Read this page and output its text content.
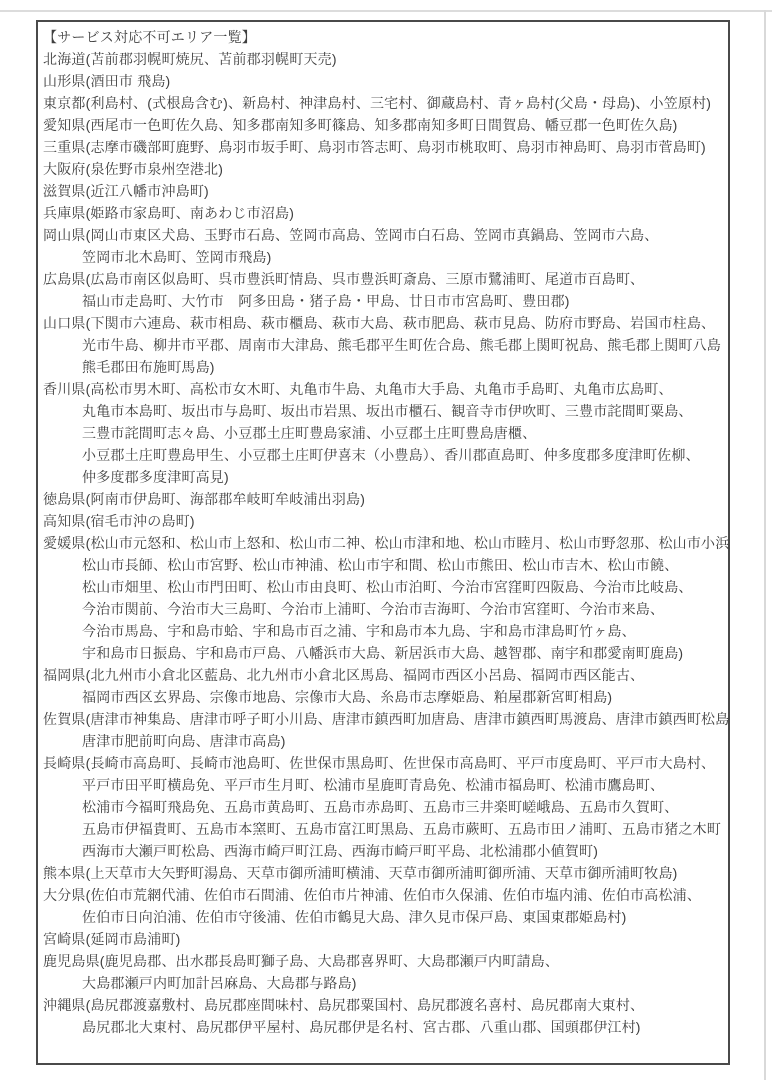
【サービス対応不可エリア一覧】
北海道(苫前郡羽幌町焼尻、苫前郡羽幌町天売)
山形県(酒田市 飛島)
東京都(利島村、(式根島含む)、新島村、神津島村、三宅村、御蔵島村、青ヶ島村(父島・母島)、小笠原村)
愛知県(西尾市一色町佐久島、知多郡南知多町篠島、知多郡南知多町日間賀島、幡豆郡一色町佐久島)
三重県(志摩市磯部町鹿野、鳥羽市坂手町、鳥羽市答志町、鳥羽市桃取町、鳥羽市神島町、鳥羽市菅島町)
大阪府(泉佐野市泉州空港北)
滋賀県(近江八幡市沖島町)
兵庫県(姫路市家島町、南あわじ市沼島)
岡山県(岡山市東区犬島、玉野市石島、笠岡市高島、笠岡市白石島、笠岡市真鍋島、笠岡市六島、
笠岡市北木島町、笠岡市飛島)
広島県(広島市南区似島町、呉市豊浜町情島、呉市豊浜町斎島、三原市鷺浦町、尾道市百島町、
福山市走島町、大竹市　阿多田島・猪子島・甲島、廿日市市宮島町、豊田郡)
山口県(下関市六連島、萩市相島、萩市櫃島、萩市大島、萩市肥島、萩市見島、防府市野島、岩国市柱島、
光市牛島、柳井市平郡、周南市大津島、熊毛郡平生町佐合島、熊毛郡上関町祝島、熊毛郡上関町八島
熊毛郡田布施町馬島)
香川県(高松市男木町、高松市女木町、丸亀市牛島、丸亀市大手島、丸亀市手島町、丸亀市広島町、
丸亀市本島町、坂出市与島町、坂出市岩黒、坂出市櫃石、観音寺市伊吹町、三豊市詫間町粟島、
三豊市詫間町志々島、小豆郡土庄町豊島家浦、小豆郡土庄町豊島唐櫃、
小豆郡土庄町豊島甲生、小豆郡土庄町伊喜末（小豊島）、香川郡直島町、仲多度郡多度津町佐柳、
仲多度郡多度津町高見)
徳島県(阿南市伊島町、海部郡牟岐町牟岐浦出羽島)
高知県(宿毛市沖の島町)
愛媛県(松山市元怒和、松山市上怒和、松山市二神、松山市津和地、松山市睦月、松山市野忽那、松山市小浜
松山市長師、松山市宮野、松山市神浦、松山市宇和間、松山市熊田、松山市吉木、松山市饒、
松山市畑里、松山市門田町、松山市由良町、松山市泊町、今治市宮窪町四阪島、今治市比岐島、
今治市関前、今治市大三島町、今治市上浦町、今治市吉海町、今治市宮窪町、今治市来島、
今治市馬島、宇和島市蛤、宇和島市百之浦、宇和島市本九島、宇和島市津島町竹ヶ島、
宇和島市日振島、宇和島市戸島、八幡浜市大島、新居浜市大島、越智郡、南宇和郡愛南町鹿島)
福岡県(北九州市小倉北区藍島、北九州市小倉北区馬島、福岡市西区小呂島、福岡市西区能古、
福岡市西区玄界島、宗像市地島、宗像市大島、糸島市志摩姫島、粕屋郡新宮町相島)
佐賀県(唐津市神集島、唐津市呼子町小川島、唐津市鎮西町加唐島、唐津市鎮西町馬渡島、唐津市鎮西町松島
唐津市肥前町向島、唐津市高島)
長崎県(長崎市高島町、長崎市池島町、佐世保市黒島町、佐世保市高島町、平戸市度島町、平戸市大島村、
平戸市田平町横島免、平戸市生月町、松浦市星鹿町青島免、松浦市福島町、松浦市鷹島町、
松浦市今福町飛島免、五島市黄島町、五島市赤島町、五島市三井楽町嵯峨島、五島市久賀町、
五島市伊福貴町、五島市本窯町、五島市富江町黒島、五島市蕨町、五島市田ノ浦町、五島市猪之木町
西海市大瀬戸町松島、西海市崎戸町江島、西海市崎戸町平島、北松浦郡小値賀町)
熊本県(上天草市大矢野町湯島、天草市御所浦町横浦、天草市御所浦町御所浦、天草市御所浦町牧島)
大分県(佐伯市荒網代浦、佐伯市石間浦、佐伯市片神浦、佐伯市久保浦、佐伯市塩内浦、佐伯市高松浦、
佐伯市日向泊浦、佐伯市守後浦、佐伯市鶴見大島、津久見市保戸島、東国東郡姫島村)
宮崎県(延岡市島浦町)
鹿児島県(鹿児島郡、出水郡長島町獅子島、大島郡喜界町、大島郡瀬戸内町請島、
大島郡瀬戸内町加計呂麻島、大島郡与路島)
沖縄県(島尻郡渡嘉敷村、島尻郡座間味村、島尻郡粟国村、島尻郡渡名喜村、島尻郡南大東村、
島尻郡北大東村、島尻郡伊平屋村、島尻郡伊是名村、宮古郡、八重山郡、国頭郡伊江村)
